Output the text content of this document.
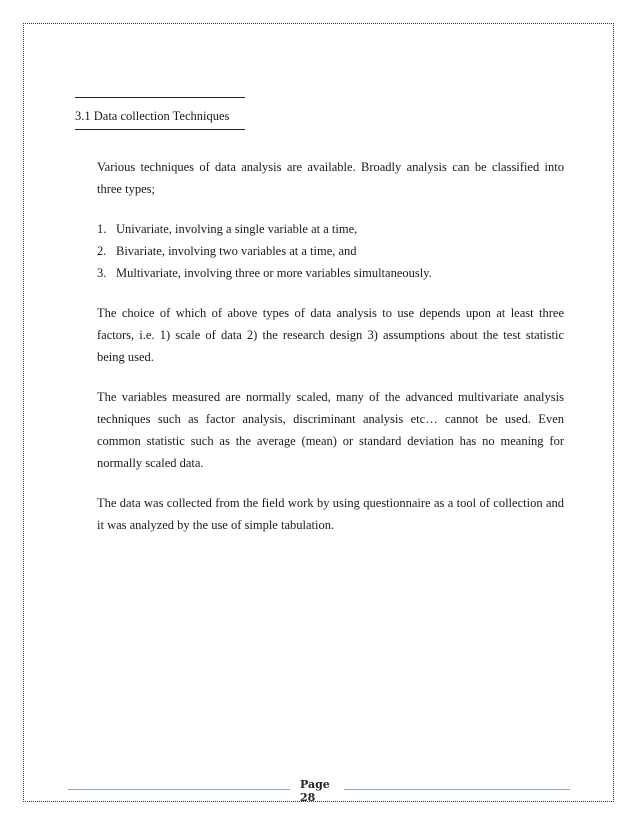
3.1 Data collection Techniques

Various techniques of data analysis are available. Broadly analysis can be classified into three types;

1. Univariate, involving a single variable at a time,
2. Bivariate, involving two variables at a time, and
3. Multivariate, involving three or more variables simultaneously.

The choice of which of above types of data analysis to use depends upon at least three factors, i.e. 1) scale of data 2) the research design 3) assumptions about the test statistic being used.

The variables measured are normally scaled, many of the advanced multivariate analysis techniques such as factor analysis, discriminant analysis etc… cannot be used. Even common statistic such as the average (mean) or standard deviation has no meaning for normally scaled data.

The data was collected from the field work by using questionnaire as a tool of collection and it was analyzed by the use of simple tabulation.

Page
28
